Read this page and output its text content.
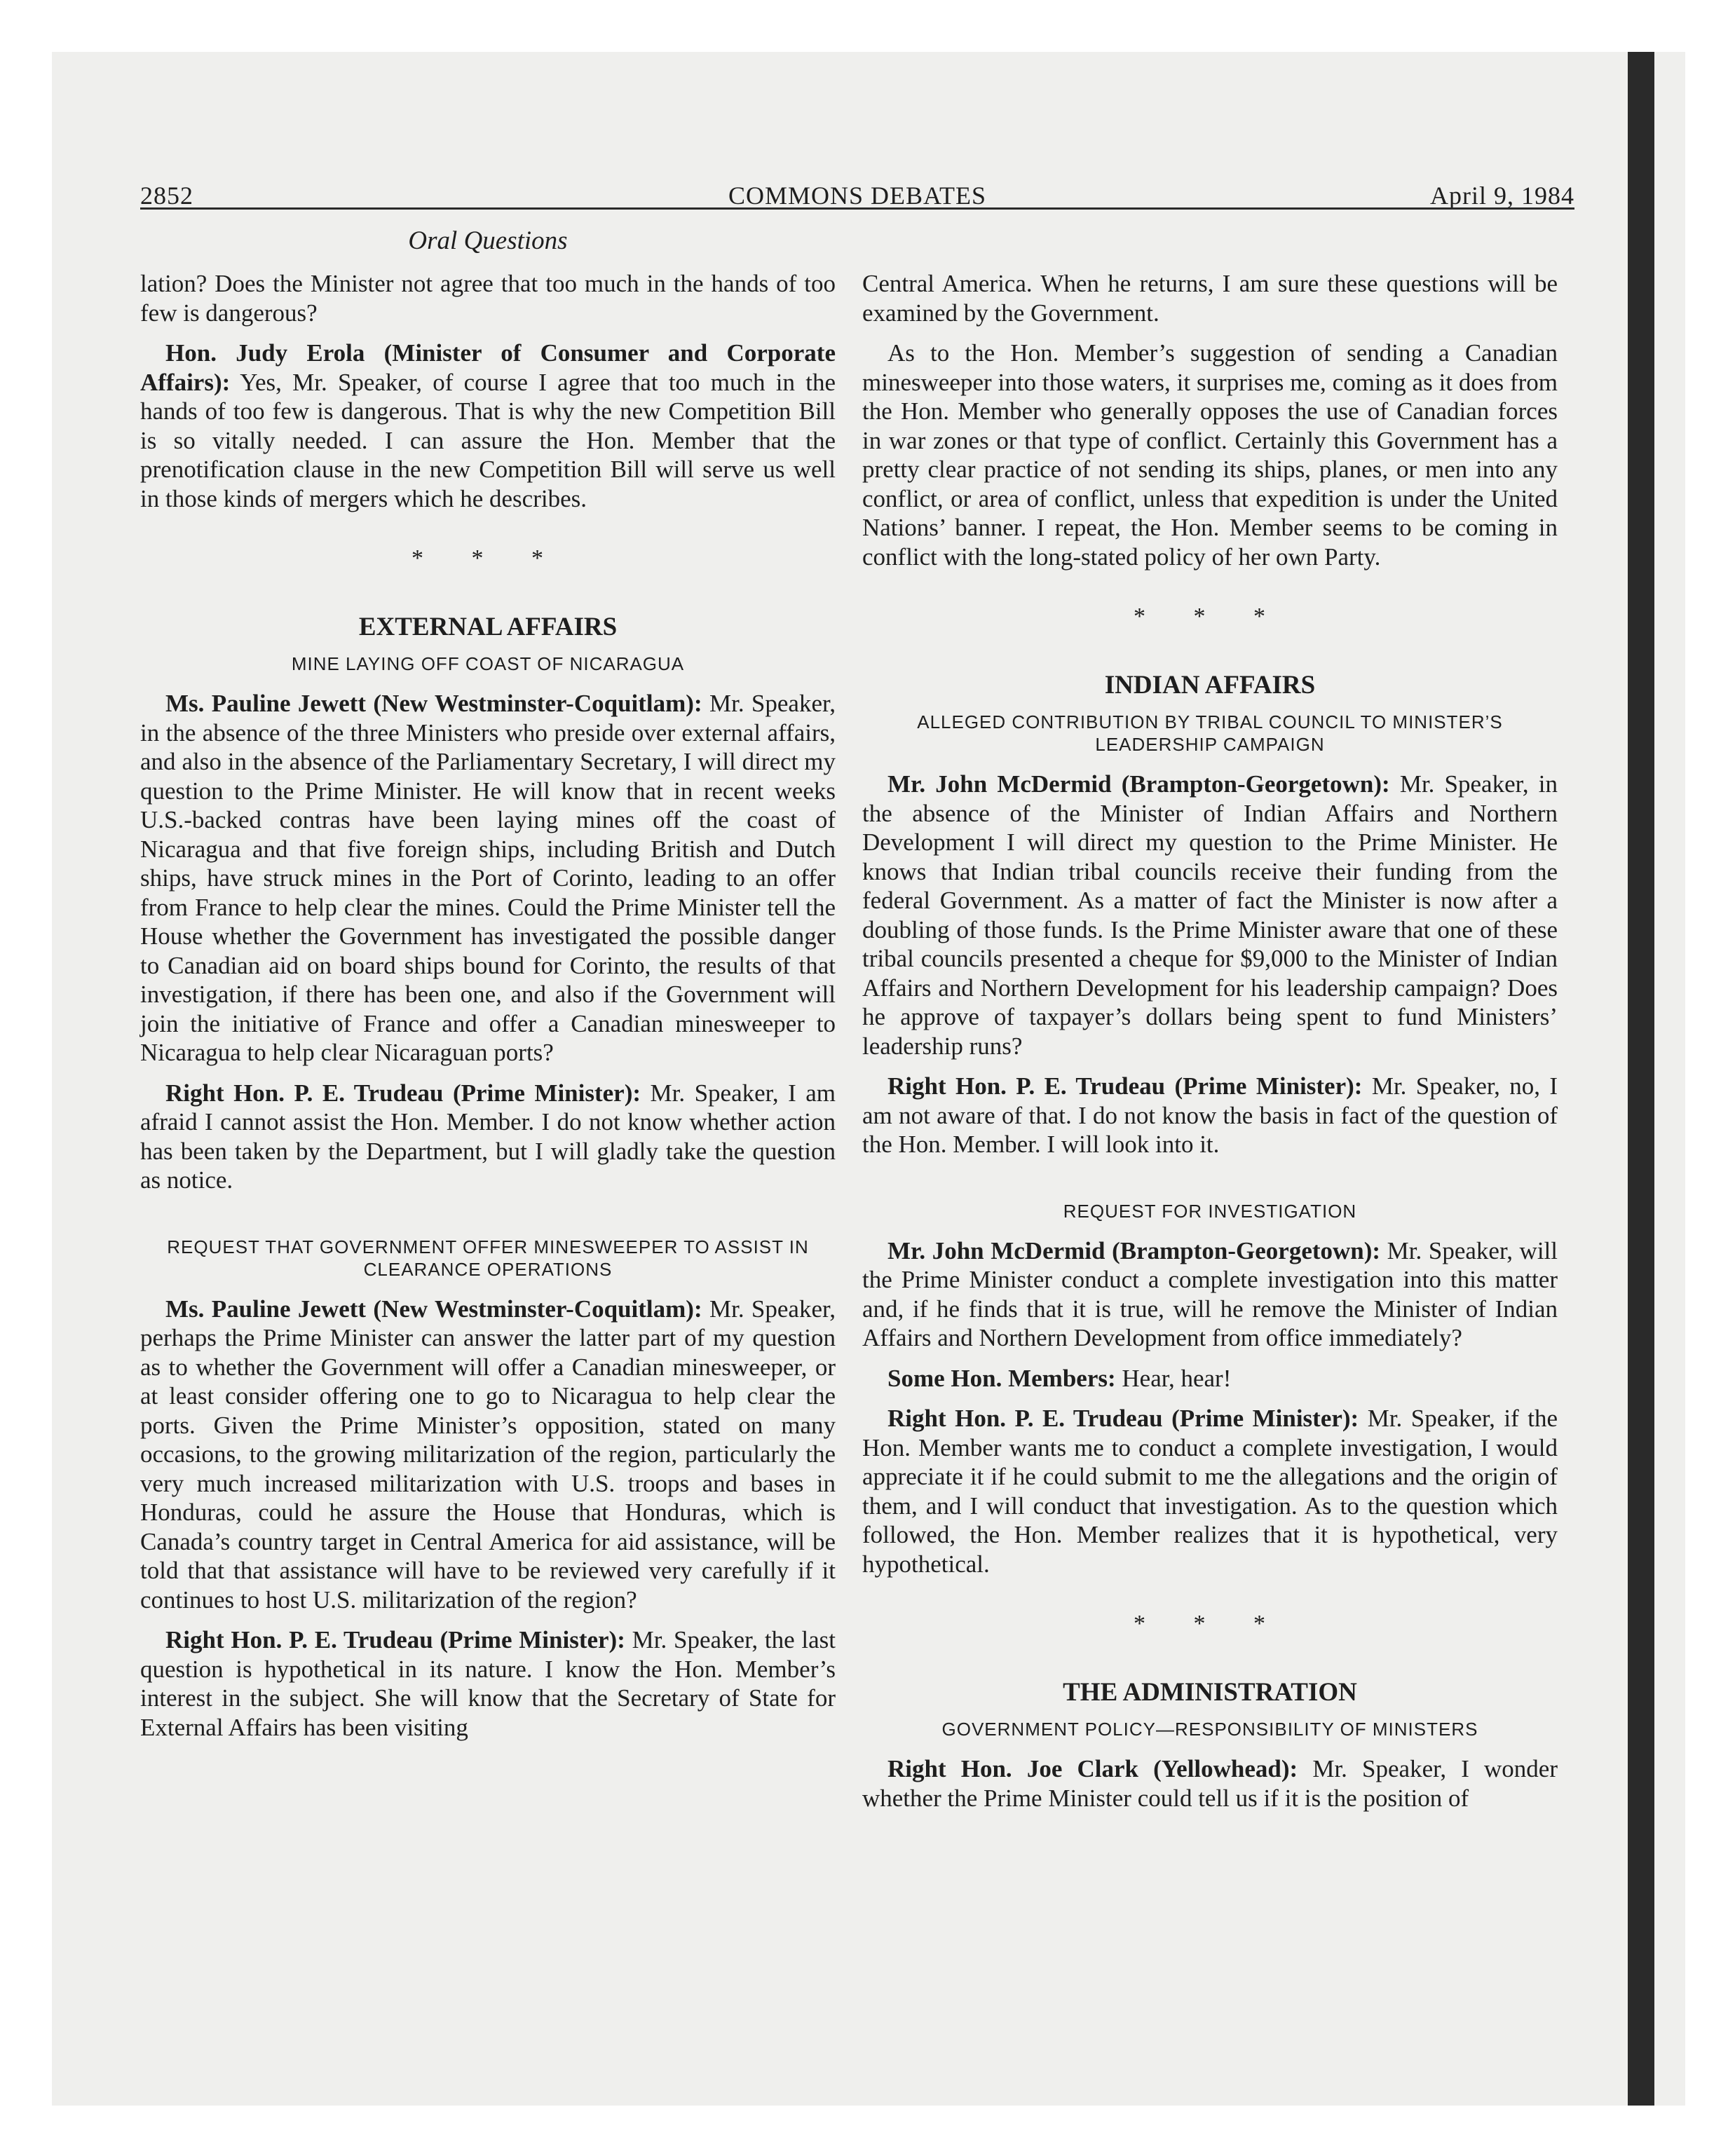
2852	COMMONS DEBATES	April 9, 1984
Oral Questions

lation? Does the Minister not agree that too much in the hands of too few is dangerous?

Hon. Judy Erola (Minister of Consumer and Corporate Affairs): Yes, Mr. Speaker, of course I agree that too much in the hands of too few is dangerous. That is why the new Competition Bill is so vitally needed. I can assure the Hon. Member that the prenotification clause in the new Competition Bill will serve us well in those kinds of mergers which he describes.

* * *
EXTERNAL AFFAIRS
MINE LAYING OFF COAST OF NICARAGUA

Ms. Pauline Jewett (New Westminster-Coquitlam): Mr. Speaker, in the absence of the three Ministers who preside over external affairs, and also in the absence of the Parliamentary Secretary, I will direct my question to the Prime Minister. He will know that in recent weeks U.S.-backed contras have been laying mines off the coast of Nicaragua and that five foreign ships, including British and Dutch ships, have struck mines in the Port of Corinto, leading to an offer from France to help clear the mines. Could the Prime Minister tell the House whether the Government has investigated the possible danger to Canadian aid on board ships bound for Corinto, the results of that investigation, if there has been one, and also if the Government will join the initiative of France and offer a Canadian minesweeper to Nicaragua to help clear Nicaraguan ports?

Right Hon. P. E. Trudeau (Prime Minister): Mr. Speaker, I am afraid I cannot assist the Hon. Member. I do not know whether action has been taken by the Department, but I will gladly take the question as notice.

REQUEST THAT GOVERNMENT OFFER MINESWEEPER TO ASSIST IN CLEARANCE OPERATIONS

Ms. Pauline Jewett (New Westminster-Coquitlam): Mr. Speaker, perhaps the Prime Minister can answer the latter part of my question as to whether the Government will offer a Canadian minesweeper, or at least consider offering one to go to Nicaragua to help clear the ports. Given the Prime Minister’s opposition, stated on many occasions, to the growing militarization of the region, particularly the very much increased militarization with U.S. troops and bases in Honduras, could he assure the House that Honduras, which is Canada’s country target in Central America for aid assistance, will be told that that assistance will have to be reviewed very carefully if it continues to host U.S. militarization of the region?

Right Hon. P. E. Trudeau (Prime Minister): Mr. Speaker, the last question is hypothetical in its nature. I know the Hon. Member’s interest in the subject. She will know that the Secretary of State for External Affairs has been visiting

Central America. When he returns, I am sure these questions will be examined by the Government.

As to the Hon. Member’s suggestion of sending a Canadian minesweeper into those waters, it surprises me, coming as it does from the Hon. Member who generally opposes the use of Canadian forces in war zones or that type of conflict. Certainly this Government has a pretty clear practice of not sending its ships, planes, or men into any conflict, or area of conflict, unless that expedition is under the United Nations’ banner. I repeat, the Hon. Member seems to be coming in conflict with the long-stated policy of her own Party.

* * *
INDIAN AFFAIRS
ALLEGED CONTRIBUTION BY TRIBAL COUNCIL TO MINISTER’S LEADERSHIP CAMPAIGN

Mr. John McDermid (Brampton-Georgetown): Mr. Speaker, in the absence of the Minister of Indian Affairs and Northern Development I will direct my question to the Prime Minister. He knows that Indian tribal councils receive their funding from the federal Government. As a matter of fact the Minister is now after a doubling of those funds. Is the Prime Minister aware that one of these tribal councils presented a cheque for $9,000 to the Minister of Indian Affairs and Northern Development for his leadership campaign? Does he approve of taxpayer’s dollars being spent to fund Ministers’ leadership runs?

Right Hon. P. E. Trudeau (Prime Minister): Mr. Speaker, no, I am not aware of that. I do not know the basis in fact of the question of the Hon. Member. I will look into it.

REQUEST FOR INVESTIGATION

Mr. John McDermid (Brampton-Georgetown): Mr. Speaker, will the Prime Minister conduct a complete investigation into this matter and, if he finds that it is true, will he remove the Minister of Indian Affairs and Northern Development from office immediately?

Some Hon. Members: Hear, hear!

Right Hon. P. E. Trudeau (Prime Minister): Mr. Speaker, if the Hon. Member wants me to conduct a complete investigation, I would appreciate it if he could submit to me the allegations and the origin of them, and I will conduct that investigation. As to the question which followed, the Hon. Member realizes that it is hypothetical, very hypothetical.

* * *
THE ADMINISTRATION
GOVERNMENT POLICY—RESPONSIBILITY OF MINISTERS

Right Hon. Joe Clark (Yellowhead): Mr. Speaker, I wonder whether the Prime Minister could tell us if it is the position of
